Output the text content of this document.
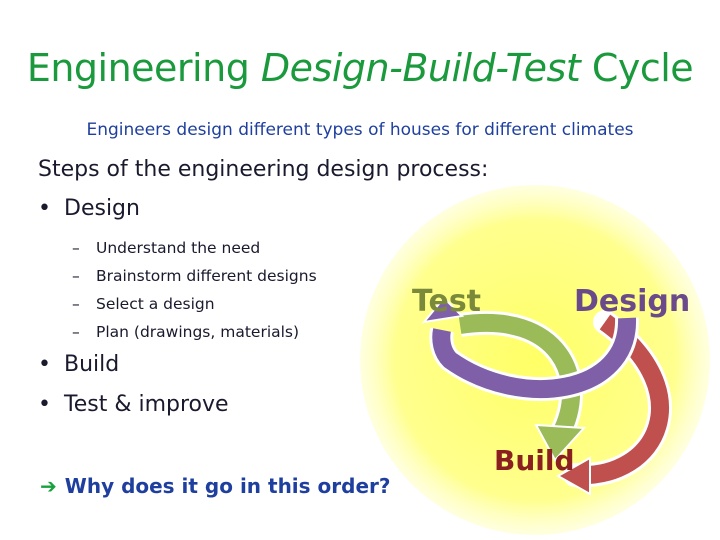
Engineering Design-Build-Test Cycle
Engineers design different types of houses for different climates
Steps of the engineering design process:
• Design
– Understand the need
– Brainstorm different designs
– Select a design
– Plan (drawings, materials)
• Build
• Test & improve
Test	Design
Build
➔ Why does it go in this order?
